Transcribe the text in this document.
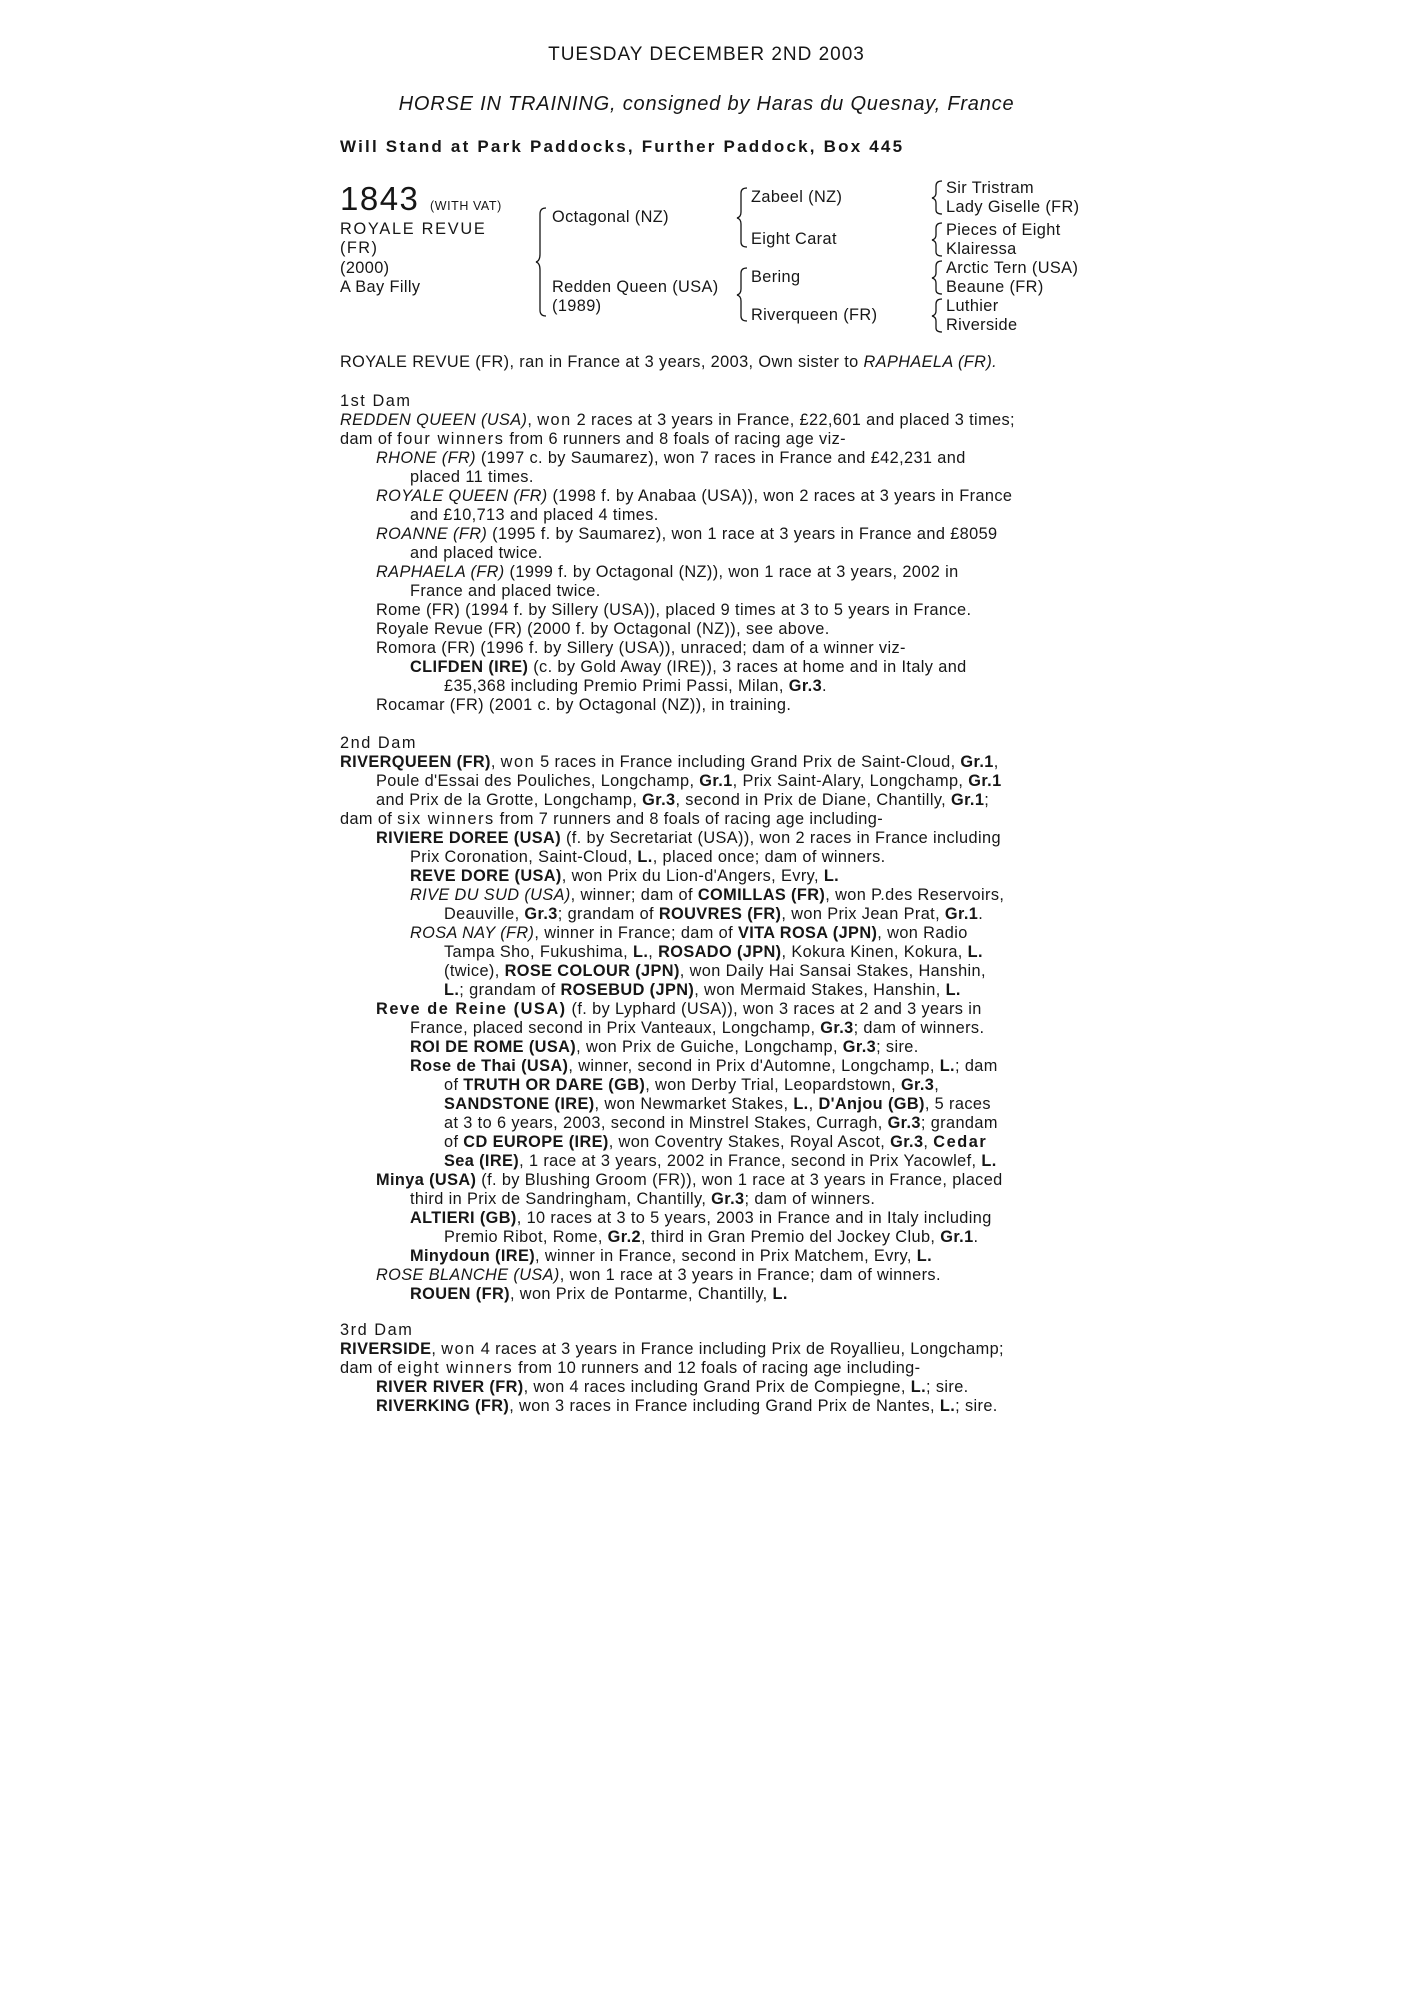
TUESDAY DECEMBER 2ND 2003
HORSE IN TRAINING, consigned by Haras du Quesnay, France
Will Stand at Park Paddocks, Further Paddock, Box 445
1843 (WITH VAT)
ROYALE REVUE
(FR)
(2000)
A Bay Filly
Octagonal (NZ)
Redden Queen (USA)
(1989)
Zabeel (NZ)
Eight Carat
Bering
Riverqueen (FR)
Sir Tristram
Lady Giselle (FR)
Pieces of Eight
Klairessa
Arctic Tern (USA)
Beaune (FR)
Luthier
Riverside
ROYALE REVUE (FR), ran in France at 3 years, 2003, Own sister to RAPHAELA (FR).
1st Dam
REDDEN QUEEN (USA), won 2 races at 3 years in France, £22,601 and placed 3 times;
dam of four winners from 6 runners and 8 foals of racing age viz-
RHONE (FR) (1997 c. by Saumarez), won 7 races in France and £42,231 and
placed 11 times.
ROYALE QUEEN (FR) (1998 f. by Anabaa (USA)), won 2 races at 3 years in France
and £10,713 and placed 4 times.
ROANNE (FR) (1995 f. by Saumarez), won 1 race at 3 years in France and £8059
and placed twice.
RAPHAELA (FR) (1999 f. by Octagonal (NZ)), won 1 race at 3 years, 2002 in
France and placed twice.
Rome (FR) (1994 f. by Sillery (USA)), placed 9 times at 3 to 5 years in France.
Royale Revue (FR) (2000 f. by Octagonal (NZ)), see above.
Romora (FR) (1996 f. by Sillery (USA)), unraced; dam of a winner viz-
CLIFDEN (IRE) (c. by Gold Away (IRE)), 3 races at home and in Italy and
£35,368 including Premio Primi Passi, Milan, Gr.3.
Rocamar (FR) (2001 c. by Octagonal (NZ)), in training.
2nd Dam
RIVERQUEEN (FR), won 5 races in France including Grand Prix de Saint-Cloud, Gr.1,
Poule d'Essai des Pouliches, Longchamp, Gr.1, Prix Saint-Alary, Longchamp, Gr.1
and Prix de la Grotte, Longchamp, Gr.3, second in Prix de Diane, Chantilly, Gr.1;
dam of six winners from 7 runners and 8 foals of racing age including-
RIVIERE DOREE (USA) (f. by Secretariat (USA)), won 2 races in France including
Prix Coronation, Saint-Cloud, L., placed once; dam of winners.
REVE DORE (USA), won Prix du Lion-d'Angers, Evry, L.
RIVE DU SUD (USA), winner; dam of COMILLAS (FR), won P.des Reservoirs,
Deauville, Gr.3; grandam of ROUVRES (FR), won Prix Jean Prat, Gr.1.
ROSA NAY (FR), winner in France; dam of VITA ROSA (JPN), won Radio
Tampa Sho, Fukushima, L., ROSADO (JPN), Kokura Kinen, Kokura, L.
(twice), ROSE COLOUR (JPN), won Daily Hai Sansai Stakes, Hanshin,
L.; grandam of ROSEBUD (JPN), won Mermaid Stakes, Hanshin, L.
Reve de Reine (USA) (f. by Lyphard (USA)), won 3 races at 2 and 3 years in
France, placed second in Prix Vanteaux, Longchamp, Gr.3; dam of winners.
ROI DE ROME (USA), won Prix de Guiche, Longchamp, Gr.3; sire.
Rose de Thai (USA), winner, second in Prix d'Automne, Longchamp, L.; dam
of TRUTH OR DARE (GB), won Derby Trial, Leopardstown, Gr.3,
SANDSTONE (IRE), won Newmarket Stakes, L., D'Anjou (GB), 5 races
at 3 to 6 years, 2003, second in Minstrel Stakes, Curragh, Gr.3; grandam
of CD EUROPE (IRE), won Coventry Stakes, Royal Ascot, Gr.3, Cedar
Sea (IRE), 1 race at 3 years, 2002 in France, second in Prix Yacowlef, L.
Minya (USA) (f. by Blushing Groom (FR)), won 1 race at 3 years in France, placed
third in Prix de Sandringham, Chantilly, Gr.3; dam of winners.
ALTIERI (GB), 10 races at 3 to 5 years, 2003 in France and in Italy including
Premio Ribot, Rome, Gr.2, third in Gran Premio del Jockey Club, Gr.1.
Minydoun (IRE), winner in France, second in Prix Matchem, Evry, L.
ROSE BLANCHE (USA), won 1 race at 3 years in France; dam of winners.
ROUEN (FR), won Prix de Pontarme, Chantilly, L.
3rd Dam
RIVERSIDE, won 4 races at 3 years in France including Prix de Royallieu, Longchamp;
dam of eight winners from 10 runners and 12 foals of racing age including-
RIVER RIVER (FR), won 4 races including Grand Prix de Compiegne, L.; sire.
RIVERKING (FR), won 3 races in France including Grand Prix de Nantes, L.; sire.
